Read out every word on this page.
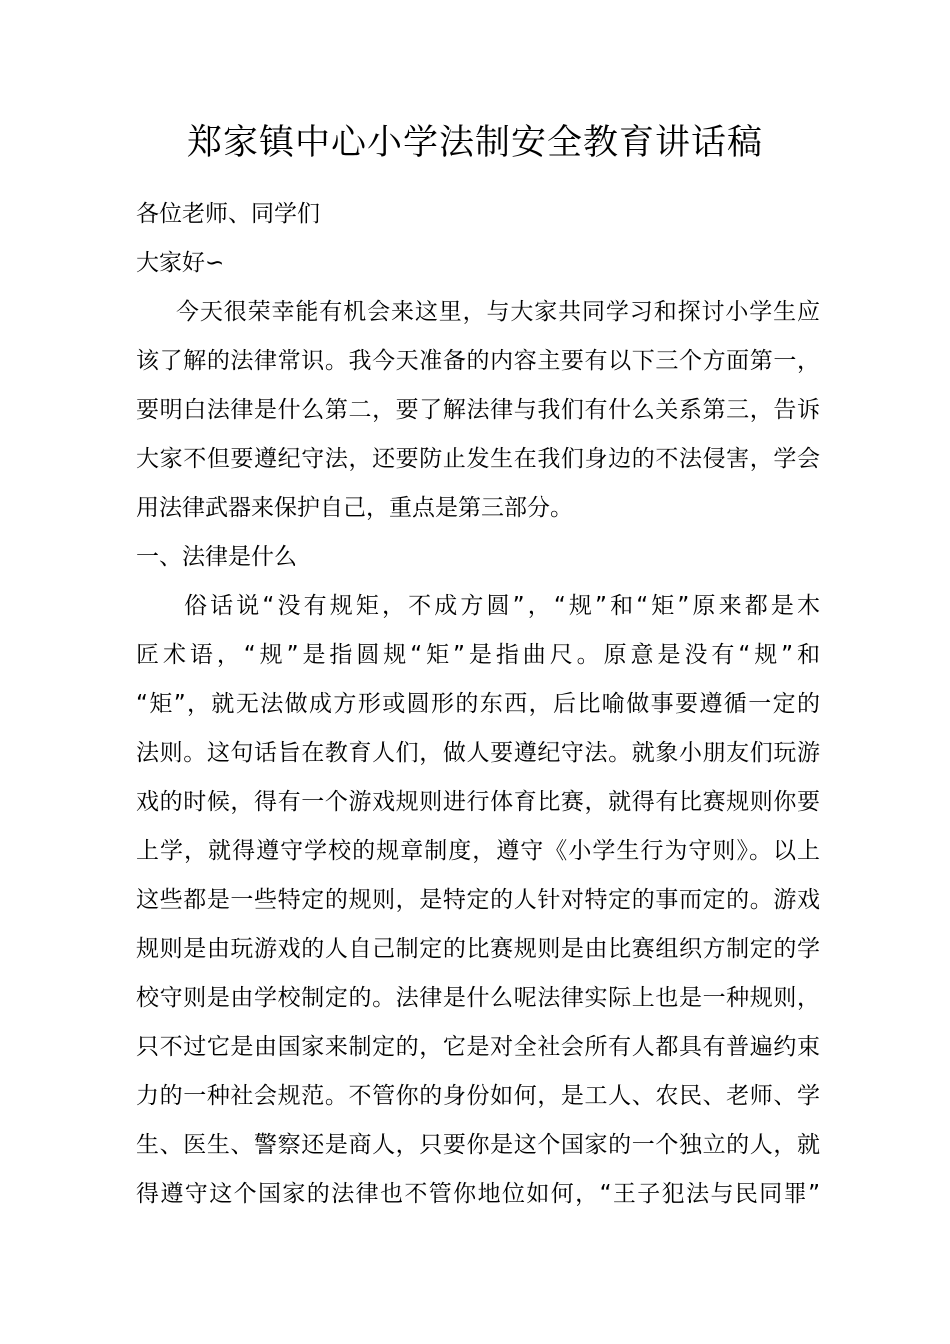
郑家镇中心小学法制安全教育讲话稿
各位老师、同学们
大家好∽
今天很荣幸能有机会来这里，与大家共同学习和探讨小学生应
该了解的法律常识。我今天准备的内容主要有以下三个方面第一，
要明白法律是什么第二，要了解法律与我们有什么关系第三，告诉
大家不但要遵纪守法，还要防止发生在我们身边的不法侵害，学会
用法律武器来保护自己，重点是第三部分。
一、法律是什么
俗话说“没有规矩，不成方圆”，“规”和“矩”原来都是木
匠术语，“规”是指圆规“矩”是指曲尺。原意是没有“规”和
“矩”，就无法做成方形或圆形的东西，后比喻做事要遵循一定的
法则。这句话旨在教育人们，做人要遵纪守法。就象小朋友们玩游
戏的时候，得有一个游戏规则进行体育比赛，就得有比赛规则你要
上学，就得遵守学校的规章制度，遵守《小学生行为守则》。以上
这些都是一些特定的规则，是特定的人针对特定的事而定的。游戏
规则是由玩游戏的人自己制定的比赛规则是由比赛组织方制定的学
校守则是由学校制定的。法律是什么呢法律实际上也是一种规则，
只不过它是由国家来制定的，它是对全社会所有人都具有普遍约束
力的一种社会规范。不管你的身份如何，是工人、农民、老师、学
生、医生、警察还是商人，只要你是这个国家的一个独立的人，就
得遵守这个国家的法律也不管你地位如何，“王子犯法与民同罪”
